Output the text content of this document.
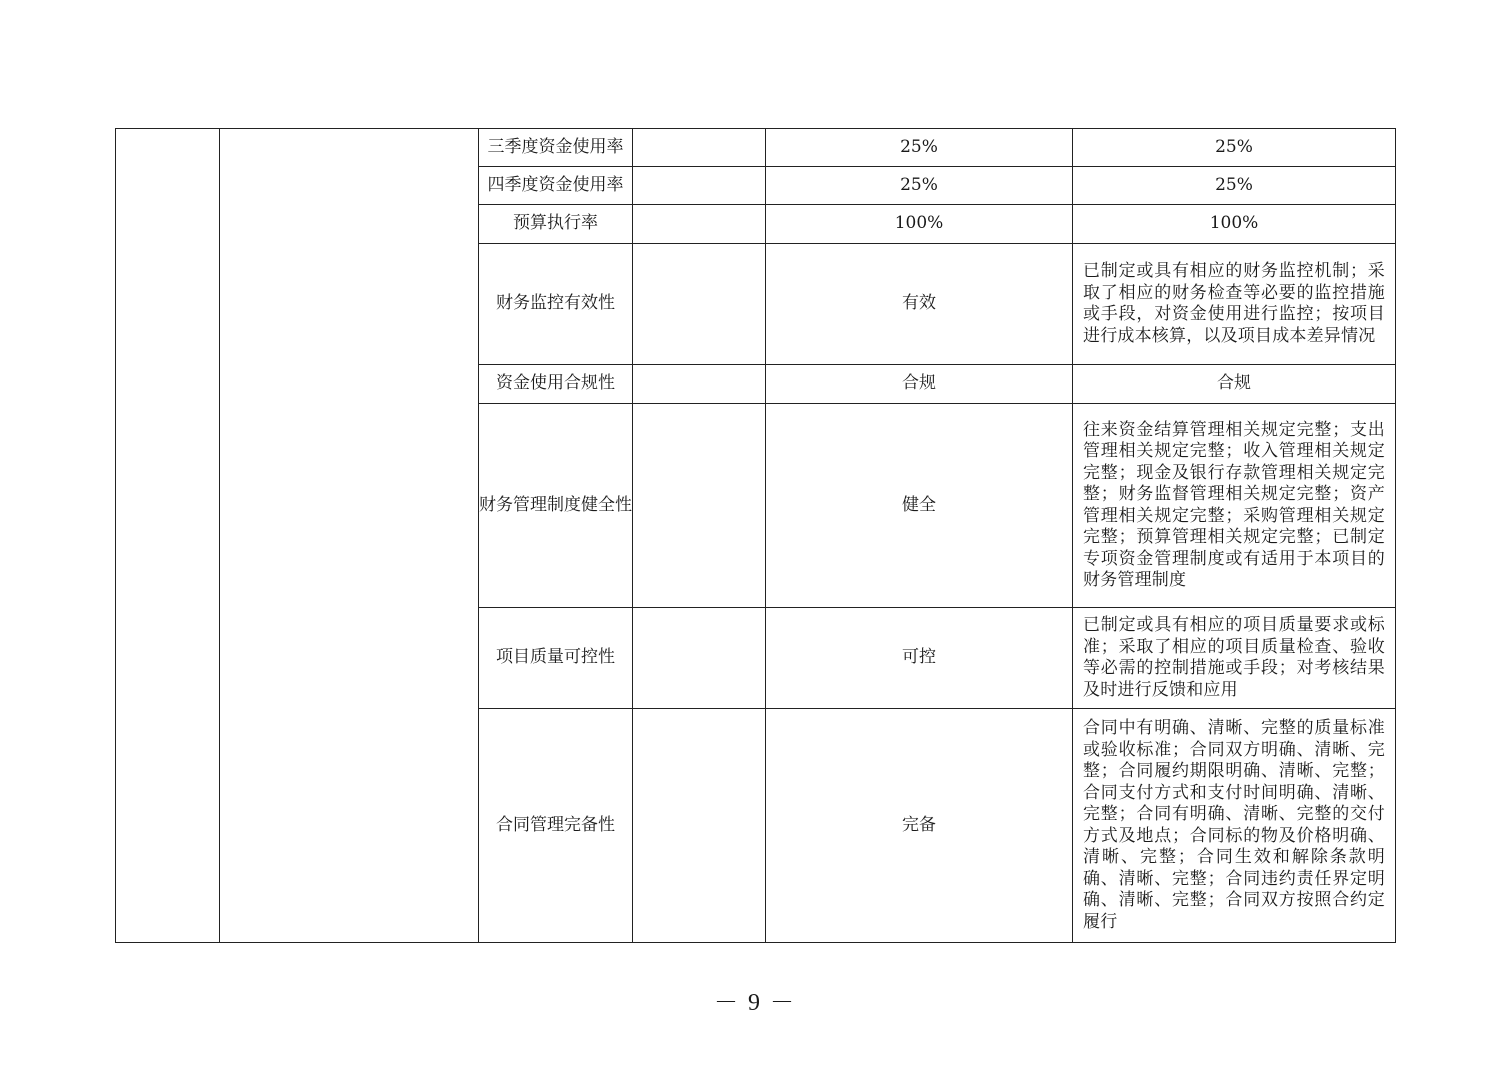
		三季度资金使用率		25%	25%	
		四季度资金使用率		25%	25%	
		预算执行率		100%	100%	
		财务监控有效性		有效	已制定或具有相应的财务监控机制；采取了相应的财务检查等必要的监控措施或手段，对资金使用进行监控；按项目进行成本核算，以及项目成本差异情况	

		资金使用合规性		合规	合规	
		财务管理制度健全性		健全	往来资金结算管理相关规定完整；支出管理相关规定完整；收入管理相关规定完整；现金及银行存款管理相关规定完整；财务监督管理相关规定完整；资产管理相关规定完整；采购管理相关规定完整；预算管理相关规定完整；已制定专项资金管理制度或有适用于本项目的财务管理制度	

		项目质量可控性		可控	已制定或具有相应的项目质量要求或标准；采取了相应的项目质量检查、验收等必需的控制措施或手段；对考核结果及时进行反馈和应用	

		合同管理完备性		完备	合同中有明确、清晰、完整的质量标准或验收标准；合同双方明确、清晰、完整；合同履约期限明确、清晰、完整；合同支付方式和支付时间明确、清晰、完整；合同有明确、清晰、完整的交付方式及地点；合同标的物及价格明确、清晰、完整；合同生效和解除条款明确、清晰、完整；合同违约责任界定明确、清晰、完整；合同双方按照合约定履行	

－ 9 －
